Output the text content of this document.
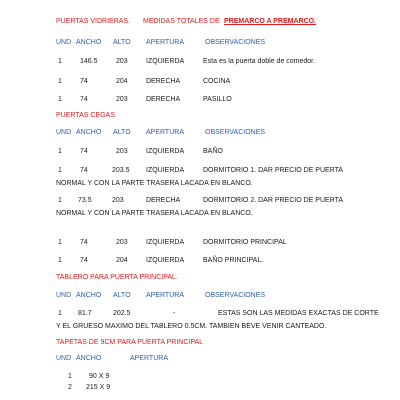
PUERTAS VIDRIERAS. MEDIDAS TOTALES DE PREMARCO A PREMARCO.
UND ANCHO ALTO APERTURA	OBSERVACIONES
1	146.5	203	IZQUIERDA	Esta es la puerta doble de comedor.
1	74	204	DERECHA	COCINA
1	74	203	DERECHA	PASILLO
PUERTAS CEGAS.
UND ANCHO ALTO APERTURA	OBSERVACIONES
1	74	203	IZQUIERDA	BAÑO
1	74	203.5 IZQUIERDA	DORMITORIO 1. DAR PRECIO DE PUERTA
NORMAL Y CON LA PARTE TRASERA LACADA EN BLANCO.
1 73.5	203	DERECHA	DORMITORIO 2. DAR PRECIO DE PUERTA
NORMAL Y CON LA PARTE TRASERA LACADA EN BLANCO.
1	74	203	IZQUIERDA	DORMITORIO PRINCIPAL
1	74	204	IZQUIERDA	BAÑO PRINCIPAL.
TABLERO PARA PUERTA PRINCIPAL.
UND ANCHO ALTO APERTURA	OBSERVACIONES
1 81.7	202.5	-	ESTAS SON LAS MEDIDAS EXACTAS DE CORTE
Y EL GRUESO MAXIMO DEL TABLERO 0.5CM. TAMBIEN BEVE VENIR CANTEADO.
TAPETAS DE 9CM PARA PUERTA PRINCIPAL
UND ANCHO	APERTURA
1 90 X 9
2 215 X 9
